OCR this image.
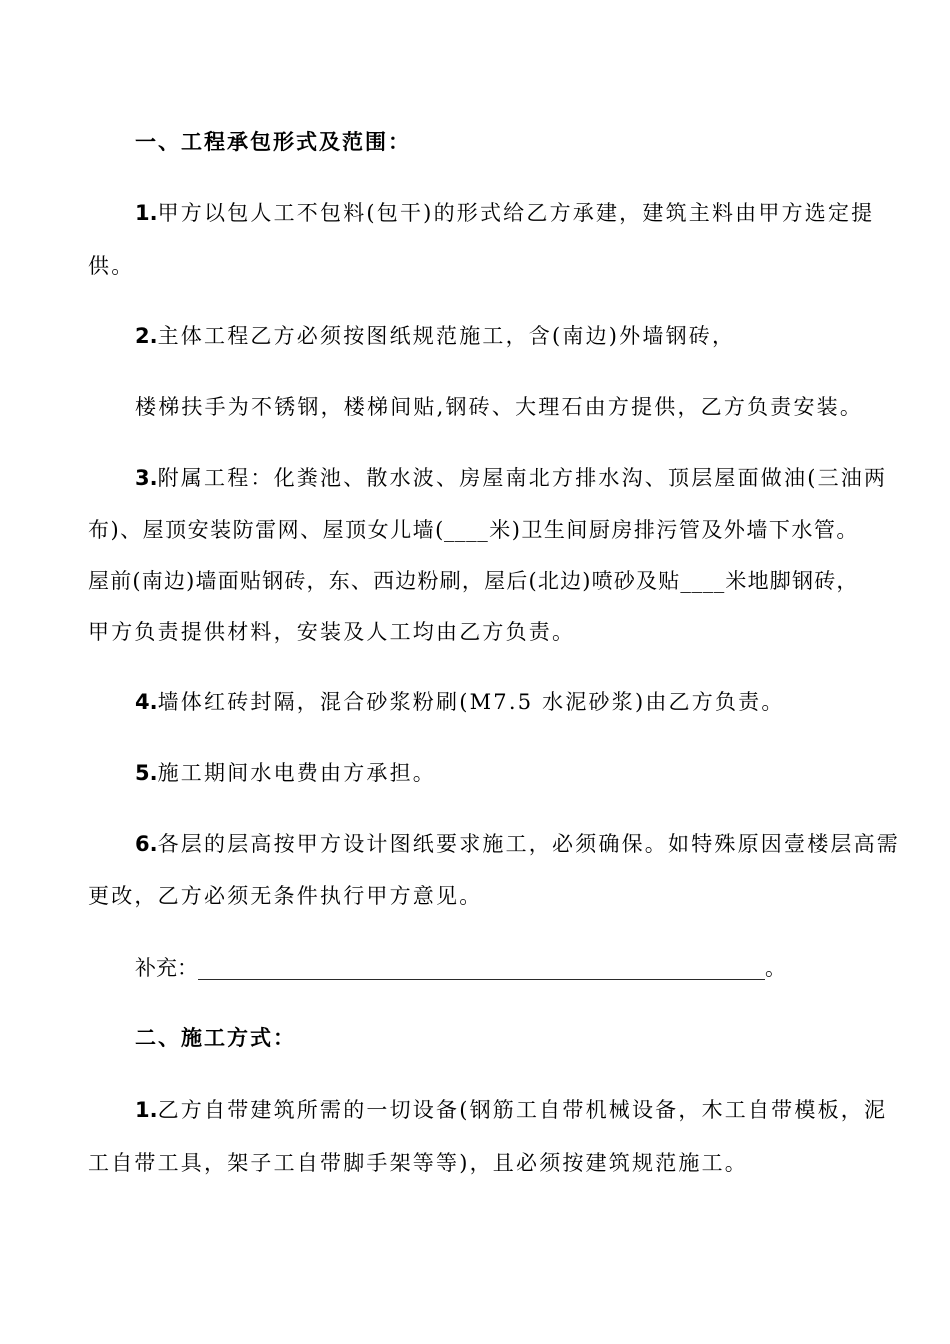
一、工程承包形式及范围：
1.甲方以包人工不包料(包干)的形式给乙方承建，建筑主料由甲方选定提
供。
2.主体工程乙方必须按图纸规范施工，含(南边)外墙钢砖，
楼梯扶手为不锈钢，楼梯间贴,钢砖、大理石由方提供，乙方负责安装。
3.附属工程：化粪池、散水波、房屋南北方排水沟、顶层屋面做油(三油两
布)、屋顶安装防雷网、屋顶女儿墙(____米)卫生间厨房排污管及外墙下水管。
屋前(南边)墙面贴钢砖，东、西边粉刷，屋后(北边)喷砂及贴____米地脚钢砖，
甲方负责提供材料，安装及人工均由乙方负责。
4.墙体红砖封隔，混合砂浆粉刷(M7.5 水泥砂浆)由乙方负责。
5.施工期间水电费由方承担。
6.各层的层高按甲方设计图纸要求施工，必须确保。如特殊原因壹楼层高需
更改，乙方必须无条件执行甲方意见。
补充：______________________________________________________。
二、施工方式：
1.乙方自带建筑所需的一切设备(钢筋工自带机械设备，木工自带模板，泥
工自带工具，架子工自带脚手架等等)，且必须按建筑规范施工。
